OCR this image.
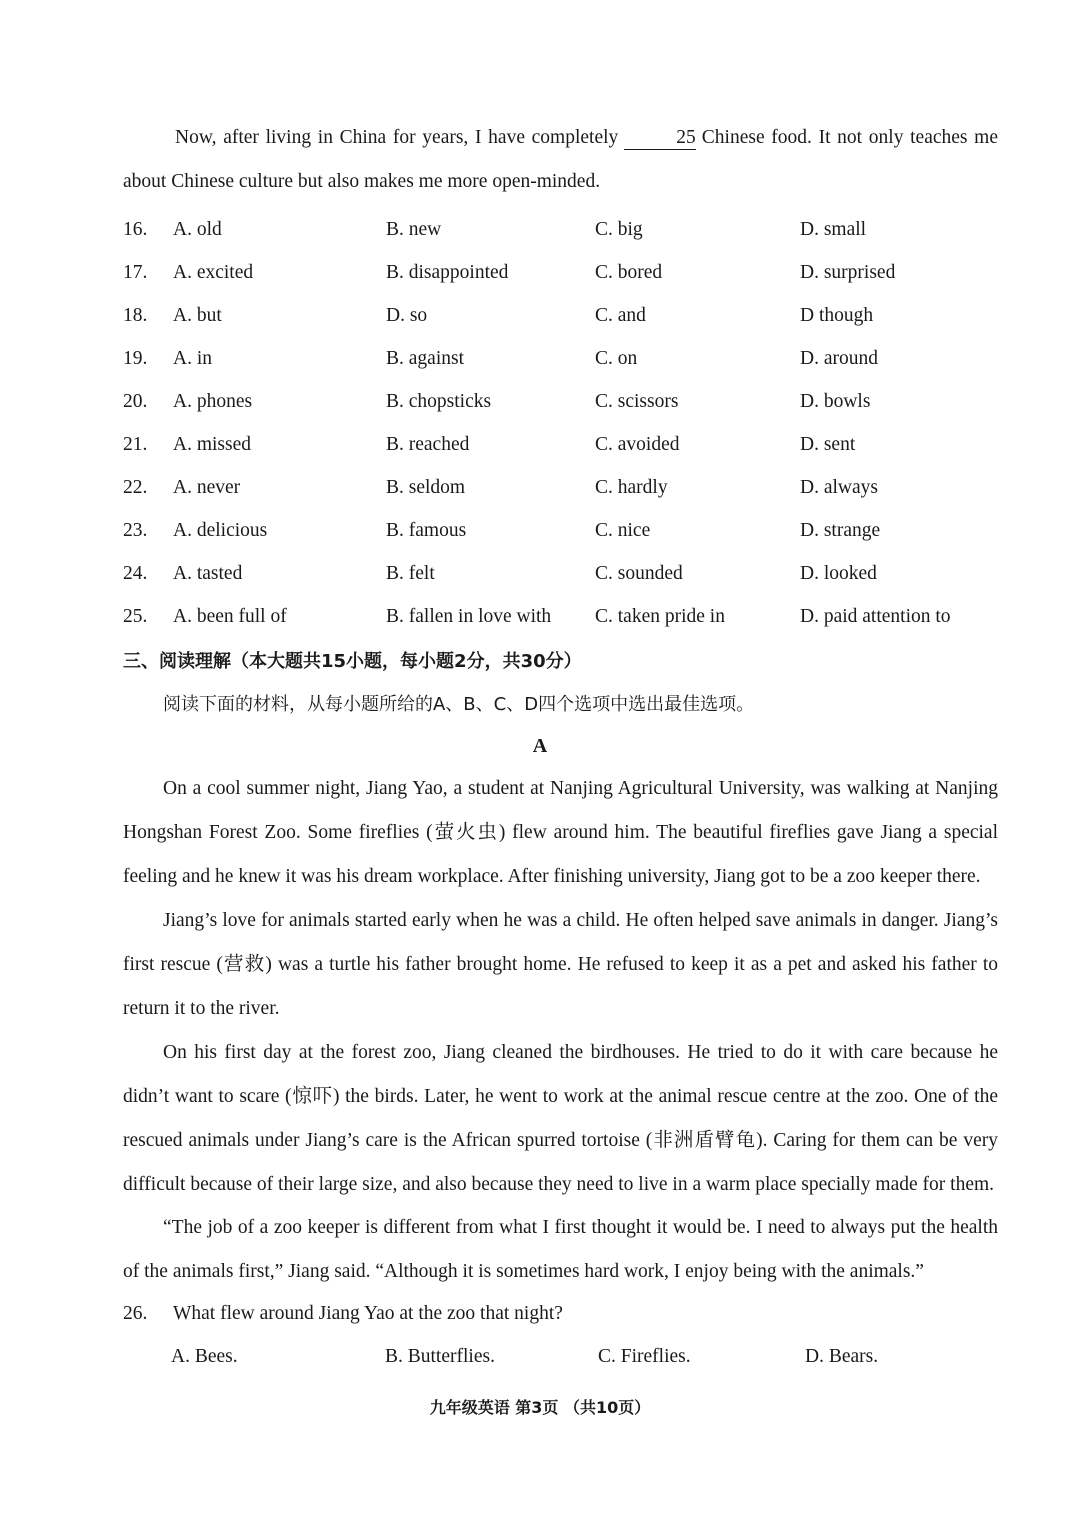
Now, after living in China for years, I have completely	25 Chinese food. It not only teaches me about Chinese culture but also makes me more open-minded.

16. A. old	B. new	C. big	D. small
17. A. excited	B. disappointed	C. bored	D. surprised
18. A. but	D. so	C. and	D though
19. A. in	B. against	C. on	D. around
20. A. phones	B. chopsticks	C. scissors	D. bowls
21. A. missed	B. reached	C. avoided	D. sent
22. A. never	B. seldom	C. hardly	D. always
23. A. delicious	B. famous	C. nice	D. strange
24. A. tasted	B. felt	C. sounded	D. looked
25. A. been full of	B. fallen in love with C. taken pride in	D. paid attention to
三、阅读理解（本大题共15小题，每小题2分，共30分）
阅读下面的材料，从每小题所给的A、B、C、D四个选项中选出最佳选项。
A

On a cool summer night, Jiang Yao, a student at Nanjing Agricultural University, was walking at Nanjing Hongshan Forest Zoo. Some fireflies (萤火虫) flew around him. The beautiful fireflies gave Jiang a special feeling and he knew it was his dream workplace. After finishing university, Jiang got to be a zoo keeper there.

Jiang’s love for animals started early when he was a child. He often helped save animals in danger. Jiang’s first rescue (营救) was a turtle his father brought home. He refused to keep it as a pet and asked his father to return it to the river.

On his first day at the forest zoo, Jiang cleaned the birdhouses. He tried to do it with care because he didn’t want to scare (惊吓) the birds. Later, he went to work at the animal rescue centre at the zoo. One of the rescued animals under Jiang’s care is the African spurred tortoise (非洲盾臂龟). Caring for them can be very difficult because of their large size, and also because they need to live in a warm place specially made for them.

“The job of a zoo keeper is different from what I first thought it would be. I need to always put the health of the animals first,” Jiang said. “Although it is sometimes hard work, I enjoy being with the animals.”

26. What flew around Jiang Yao at the zoo that night?
A. Bees.	B. Butterflies.	C. Fireflies.	D. Bears.
九年级英语 第3页 （共10页）
